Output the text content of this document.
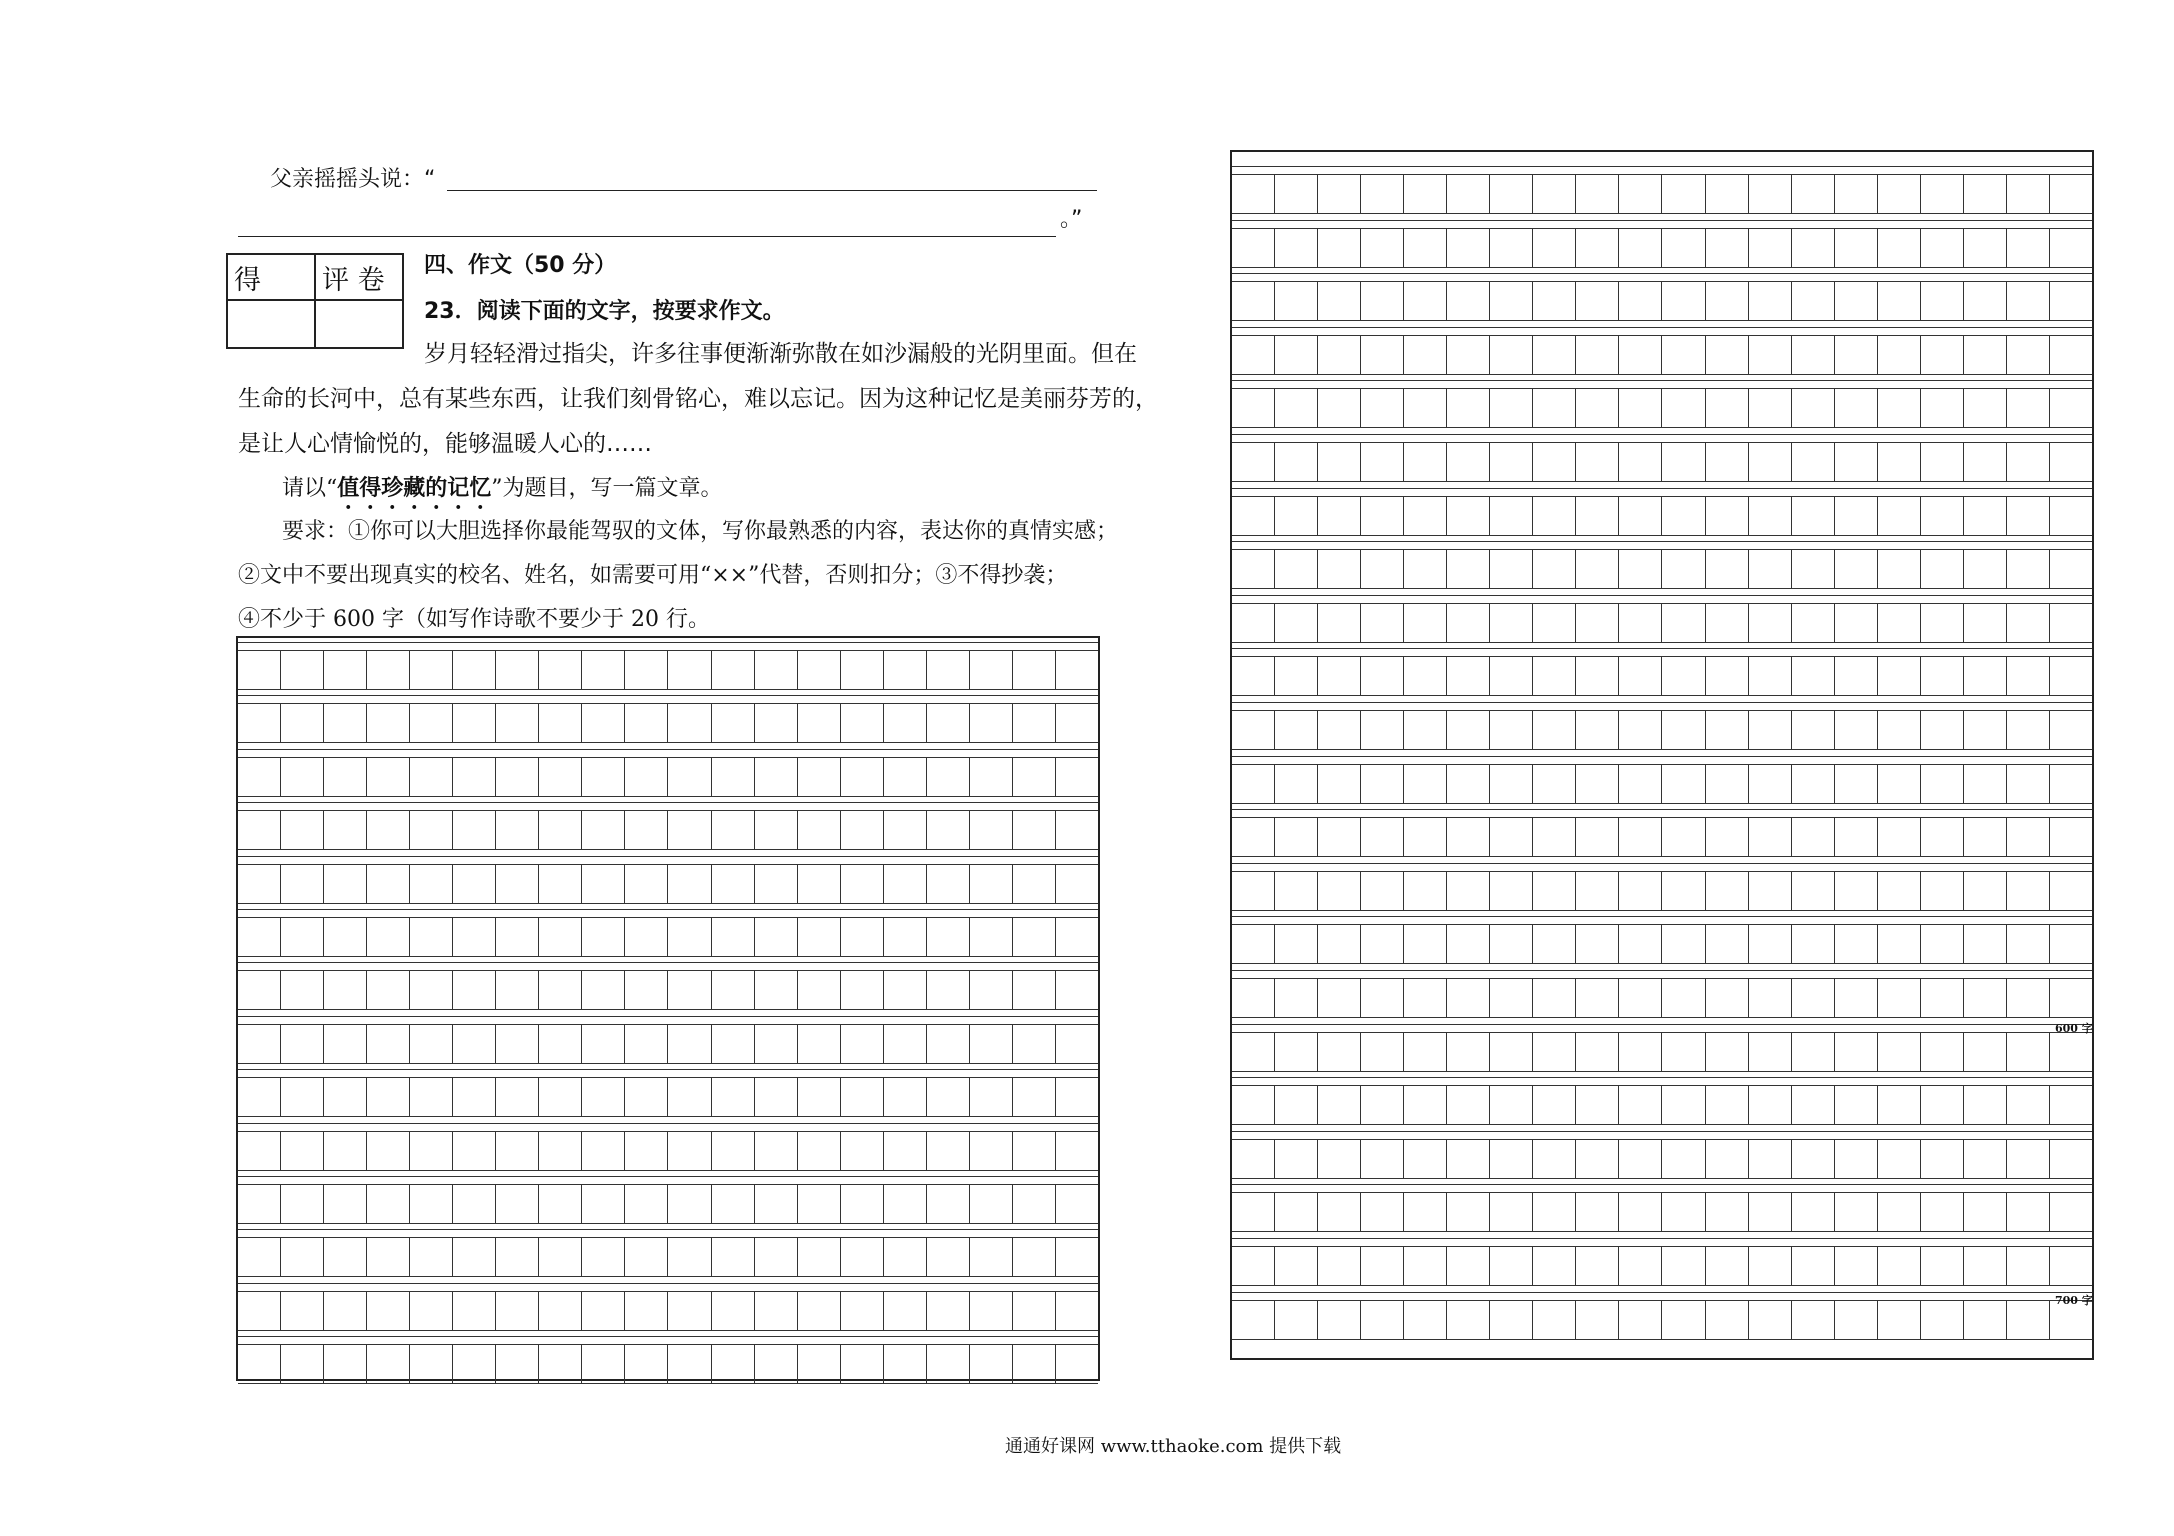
父亲摇摇头说：“
。”
得	评 卷
	四、作文（50 分）
23．阅读下面的文字，按要求作文。
岁月轻轻滑过指尖，许多往事便渐渐弥散在如沙漏般的光阴里面。但在
生命的长河中，总有某些东西，让我们刻骨铭心，难以忘记。因为这种记忆是美丽芬芳的，
是让人心情愉悦的，能够温暖人心的……
请以“值得珍藏的记忆”为题目，写一篇文章。
要求：①你可以大胆选择你最能驾驭的文体，写你最熟悉的内容，表达你的真情实感；
②文中不要出现真实的校名、姓名，如需要可用“××”代替，否则扣分；③不得抄袭；
④不少于 600 字（如写作诗歌不要少于 20 行。
600 字
700 字
通通好课网 www.tthaoke.com 提供下载
